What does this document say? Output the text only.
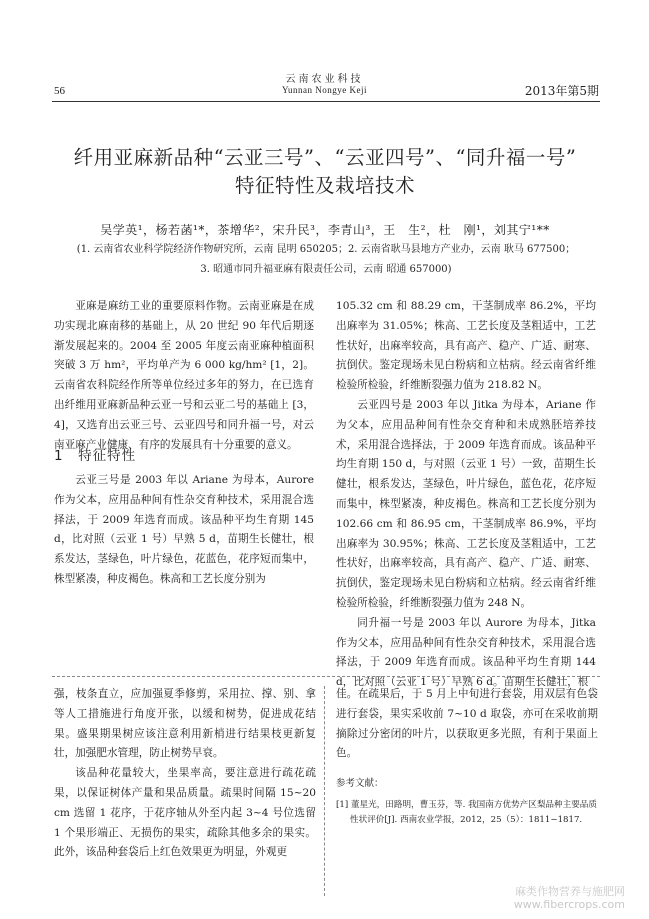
云南农业科技
Yunnan Nongye Keji
56	2013年第5期
纤用亚麻新品种“云亚三号”、“云亚四号”、“同升福一号”
特征特性及栽培技术
吴学英¹，杨若菡¹*，茶增华²，宋升民³，李青山³，王　生²，杜　刚¹，刘其宁¹**
(1. 云南省农业科学院经济作物研究所，云南 昆明 650205；2. 云南省耿马县地方产业办，云南 耿马 677500；
3. 昭通市同升福亚麻有限责任公司，云南 昭通 657000)

亚麻是麻纺工业的重要原料作物。云南亚麻是在成功实现北麻南移的基础上，从 20 世纪 90 年代后期逐渐发展起来的。2004 至 2005 年度云南亚麻种植面积突破 3 万 hm²，平均单产为 6 000 kg/hm² [1，2]。云南省农科院经作所等单位经过多年的努力，在已选育出纤维用亚麻新品种云亚一号和云亚二号的基础上 [3，4]，又选育出云亚三号、云亚四号和同升福一号，对云南亚麻产业健康、有序的发展具有十分重要的意义。

1　特征特性

云亚三号是 2003 年以 Ariane 为母本，Aurore 作为父本，应用品种间有性杂交育种技术，采用混合选择法，于 2009 年选育而成。该品种平均生育期 145 d，比对照（云亚 1 号）早熟 5 d，苗期生长健壮，根系发达，茎绿色，叶片绿色，花蓝色，花序短而集中，株型紧凑，种皮褐色。株高和工艺长度分别为

105.32 cm 和 88.29 cm，干茎制成率 86.2%，平均出麻率为 31.05%；株高、工艺长度及茎粗适中，工艺性状好，出麻率较高，具有高产、稳产、广适、耐寒、抗倒伏。鉴定现场未见白粉病和立枯病。经云南省纤维检验所检验，纤维断裂强力值为 218.82 N。

云亚四号是 2003 年以 Jitka 为母本，Ariane 作为父本，应用品种间有性杂交育种和未成熟胚培养技术，采用混合选择法，于 2009 年选育而成。该品种平均生育期 150 d，与对照（云亚 1 号）一致，苗期生长健壮，根系发达，茎绿色，叶片绿色，蓝色花，花序短而集中，株型紧凑，种皮褐色。株高和工艺长度分别为 102.66 cm 和 86.95 cm，干茎制成率 86.9%，平均出麻率为 30.95%；株高、工艺长度及茎粗适中，工艺性状好，出麻率较高，具有高产、稳产、广适、耐寒、抗倒伏，鉴定现场未见白粉病和立枯病。经云南省纤维检验所检验，纤维断裂强力值为 248 N。

同升福一号是 2003 年以 Aurore 为母本，Jitka 作为父本，应用品种间有性杂交育种技术，采用混合选择法，于 2009 年选育而成。该品种平均生育期 144 d，比对照（云亚 1 号）早熟 6 d。苗期生长健壮，根

强，枝条直立，应加强夏季修剪，采用拉、撑、别、拿等人工措施进行角度开张，以缓和树势，促进成花结果。盛果期果树应该注意利用新梢进行结果枝更新复壮，加强肥水管理，防止树势早衰。

该品种花量较大，坐果率高，要注意进行疏花疏果，以保证树体产量和果品质量。疏果时间隔 15~20 cm 选留 1 花序，于花序轴从外至内起 3~4 号位选留 1 个果形端正、无损伤的果实，疏除其他多余的果实。此外，该品种套袋后上红色效果更为明显，外观更

佳。在疏果后，于 5 月上中旬进行套袋，用双层有色袋进行套袋，果实采收前 7~10 d 取袋，亦可在采收前期摘除过分密闭的叶片，以获取更多光照，有利于果面上色。

参考文献：
[1] 董星光，田路明，曹玉芬，等. 我国南方优势产区梨品种主要品质性状评价[J]. 西南农业学报，2012，25（5）：1811−1817.
麻类作物营养与施肥网
www.fibercrops.com
